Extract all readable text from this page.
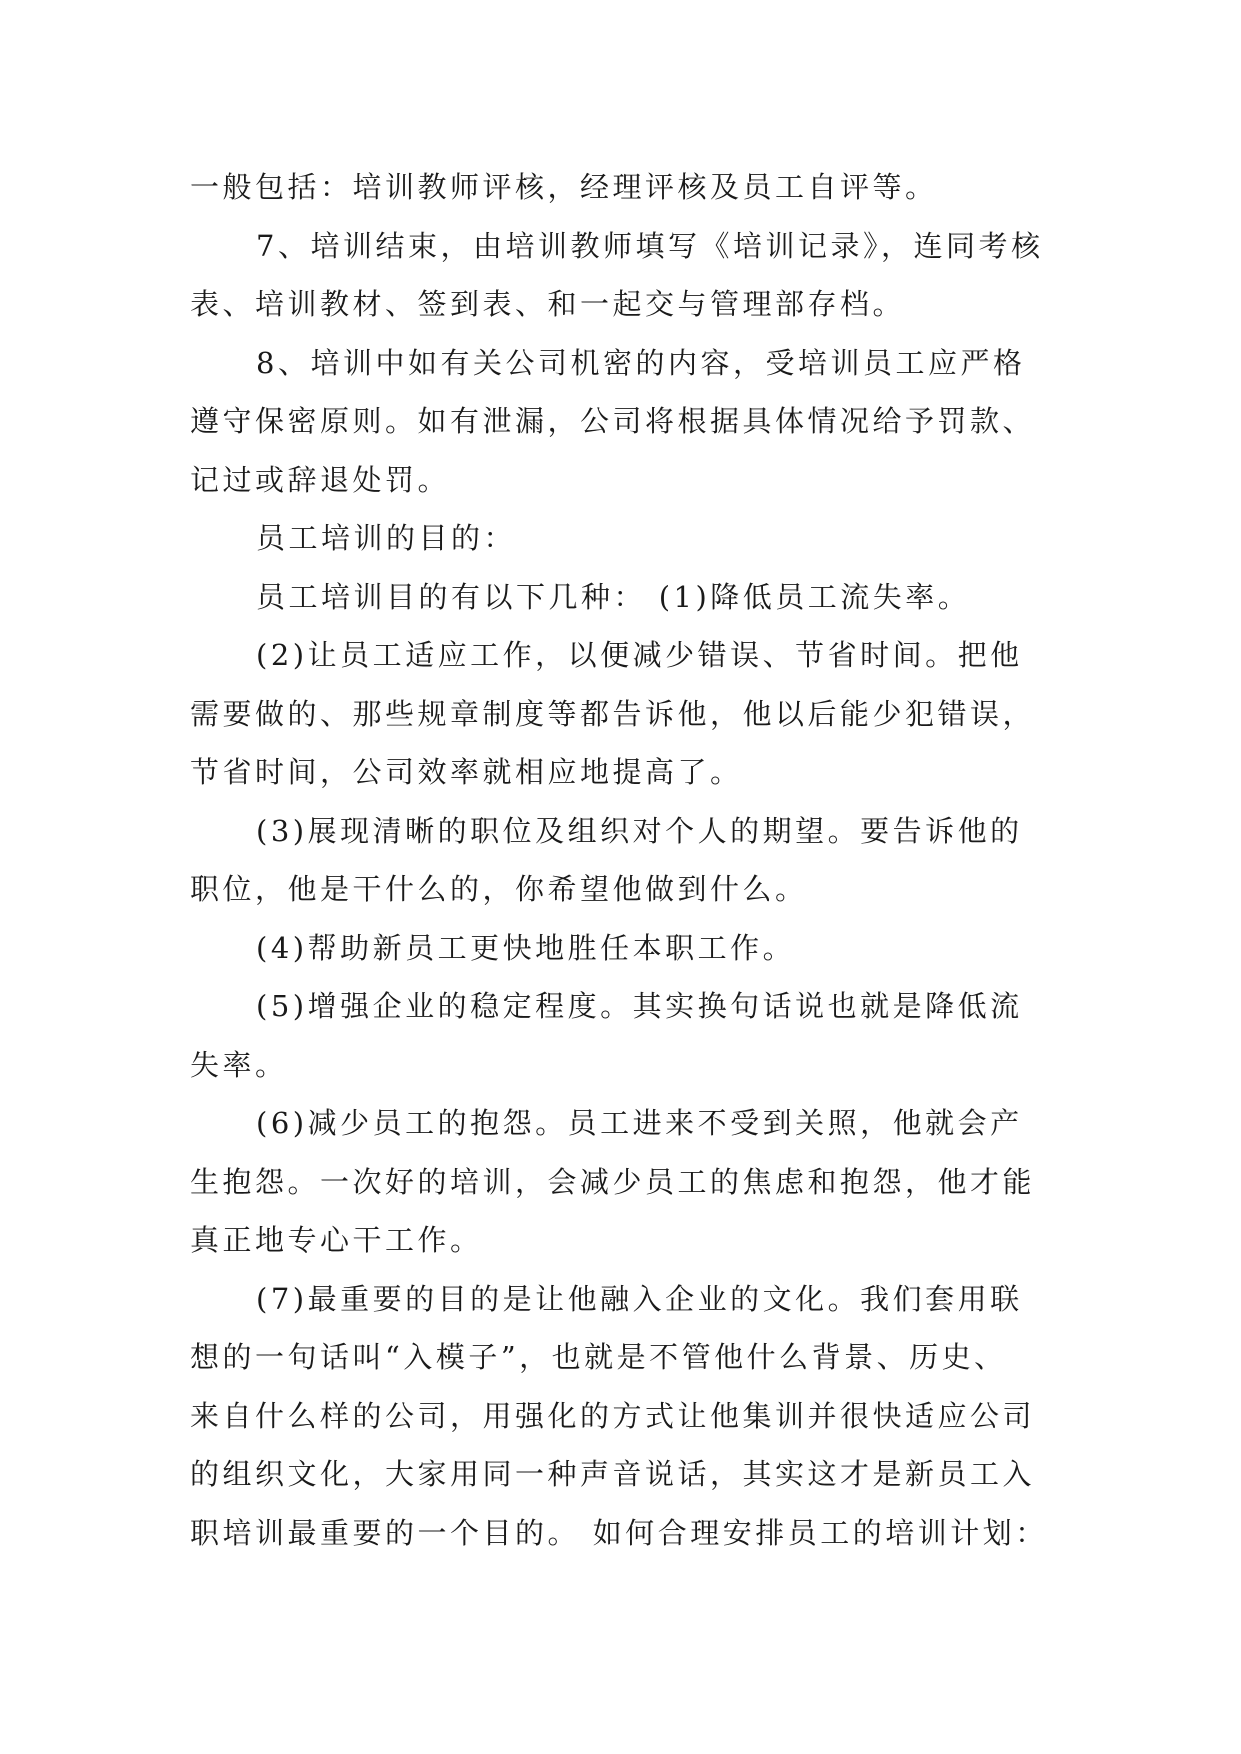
一般包括：培训教师评核，经理评核及员工自评等。
7、培训结束，由培训教师填写《培训记录》，连同考核
表、培训教材、签到表、和一起交与管理部存档。
8、培训中如有关公司机密的内容，受培训员工应严格
遵守保密原则。如有泄漏，公司将根据具体情况给予罚款、
记过或辞退处罚。
员工培训的目的：
员工培训目的有以下几种： (1)降低员工流失率。
(2)让员工适应工作，以便减少错误、节省时间。把他
需要做的、那些规章制度等都告诉他，他以后能少犯错误，
节省时间，公司效率就相应地提高了。
(3)展现清晰的职位及组织对个人的期望。要告诉他的
职位，他是干什么的，你希望他做到什么。
(4)帮助新员工更快地胜任本职工作。
(5)增强企业的稳定程度。其实换句话说也就是降低流
失率。
(6)减少员工的抱怨。员工进来不受到关照，他就会产
生抱怨。一次好的培训，会减少员工的焦虑和抱怨，他才能
真正地专心干工作。
(7)最重要的目的是让他融入企业的文化。我们套用联
想的一句话叫“入模子”，也就是不管他什么背景、历史、
来自什么样的公司，用强化的方式让他集训并很快适应公司
的组织文化，大家用同一种声音说话，其实这才是新员工入
职培训最重要的一个目的。 如何合理安排员工的培训计划：
